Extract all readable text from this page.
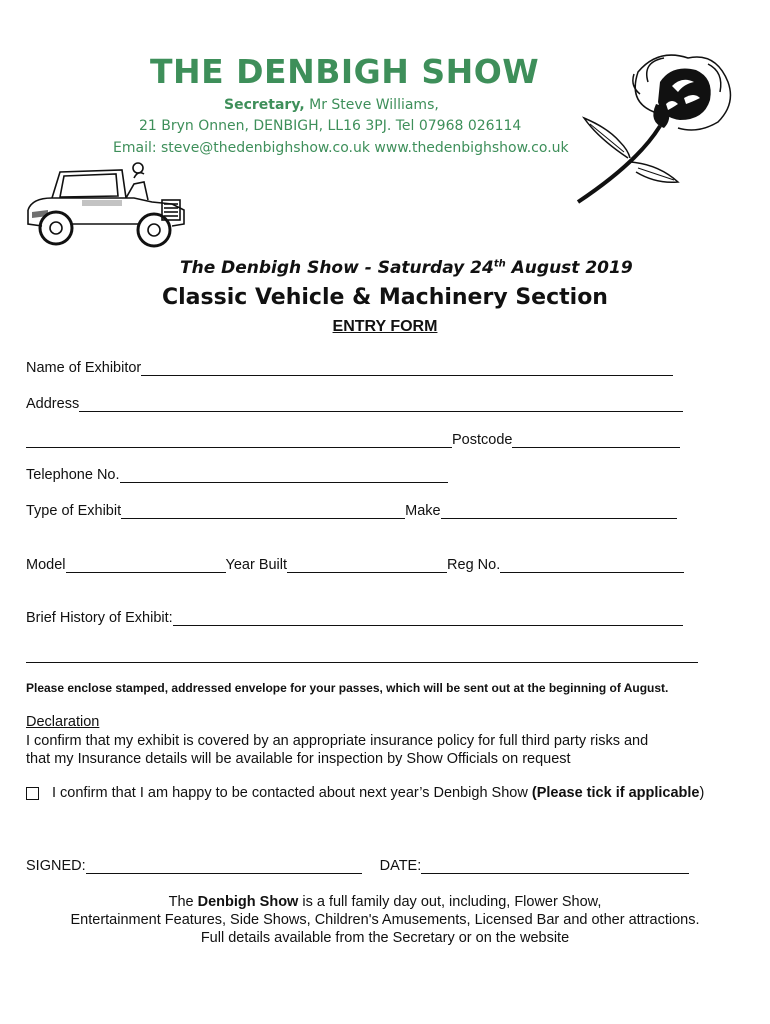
THE DENBIGH SHOW
Secretary, Mr Steve Williams,
21 Bryn Onnen, DENBIGH, LL16 3PJ. Tel 07968 026114
Email: steve@thedenbighshow.co.uk www.thedenbighshow.co.uk
The Denbigh Show - Saturday 24th August 2019
Classic Vehicle & Machinery Section
ENTRY FORM
Name of Exhibitor
Address
Postcode
Telephone No.
Type of Exhibit	Make
Model	Year Built	Reg No.
Brief History of Exhibit:
Please enclose stamped, addressed envelope for your passes, which will be sent out at the beginning of August.
Declaration
I confirm that my exhibit is covered by an appropriate insurance policy for full third party risks and
that my Insurance details will be available for inspection by Show Officials on request
I confirm that I am happy to be contacted about next year’s Denbigh Show (Please tick if applicable )
SIGNED:	DATE:
The Denbigh Show is a full family day out, including, Flower Show,
Entertainment Features, Side Shows, Children's Amusements, Licensed Bar and other attractions.
Full details available from the Secretary or on the website
